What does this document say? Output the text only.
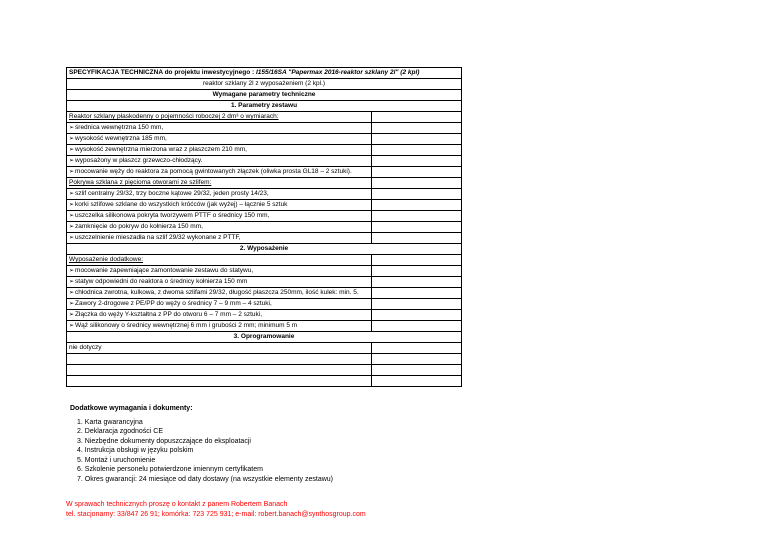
SPECYFIKACJA TECHNICZNA do projektu inwestycyjnego : I155/16SA "Papermax 2016-reaktor szklany 2l" (2 kpl)	
reaktor szklany 2l z wyposażeniem (2 kpl.)	
Wymagane parametry techniczne	
1. Parametry zestawu	
Reaktor szklany płaskodenny o pojemności roboczej 2 dm³ o wymiarach:	
➢średnica wewnętrzna 150 mm,	
➢wysokość wewnętrzna 185 mm,	
➢wysokość zewnętrzna mierzona wraz z płaszczem 210 mm,	
➢wyposażony w płaszcz grzewczo-chłodzący.	
➢mocowanie węży do reaktora za pomocą gwintowanych złączek (oliwka prosta GL18 – 2 sztuki).	
Pokrywa szklana z pięcioma otworami ze szlifem:	
➢szlif centralny 29/32, trzy boczne kątowe 29/32, jeden prosty 14/23,	
➢korki szlifowe szklane do wszystkich króćców (jak wyżej) – łącznie 5 sztuk	
➢uszczelka silikonowa pokryta tworzywem PTTF o średnicy 150 mm,	
➢zamknięcie do pokryw do kołnierza 150 mm,	
➢uszczelnienie mieszadła na szlif 29/32 wykonane z PTTF,	
2. Wyposażenie	
Wyposażenie dodatkowe:	
➢mocowanie zapewniające zamontowanie zestawu do statywu,	
➢statyw odpowiedni do reaktora o średnicy kołnierza 150 mm	
➢chłodnica zwrotna, kulkowa, z dwoma szlifami 29/32, długość płaszcza 250mm, ilość kulek: min. 5.	
➢Zawory 2-drogowe z PE/PP do węży o średnicy 7 – 9 mm – 4 sztuki,	
➢Złączka do węży Y-kształtna z PP do otworu 6 – 7 mm – 2 sztuki,	
➢Wąż silikonowy o średnicy wewnętrznej 6 mm i grubości 2 mm; minimum 5 m	
3. Oprogramowanie	
nie dotyczy	

Dodatkowe wymagania i dokumenty:
1. Karta gwarancyjna
2. Deklaracja zgodności CE
3. Niezbędne dokumenty dopuszczające do eksploatacji
4. Instrukcja obsługi w języku polskim
5. Montaż i uruchomienie
6. Szkolenie personelu potwierdzone imiennym certyfikatem
7. Okres gwarancji: 24 miesiące od daty dostawy (na wszystkie elementy zestawu)
W sprawach technicznych proszę o kontakt z panem Robertem Banach
tel. stacjonarny: 33/847 26 91; komórka: 723 725 931; e-mail: robert.banach@synthosgroup.com
